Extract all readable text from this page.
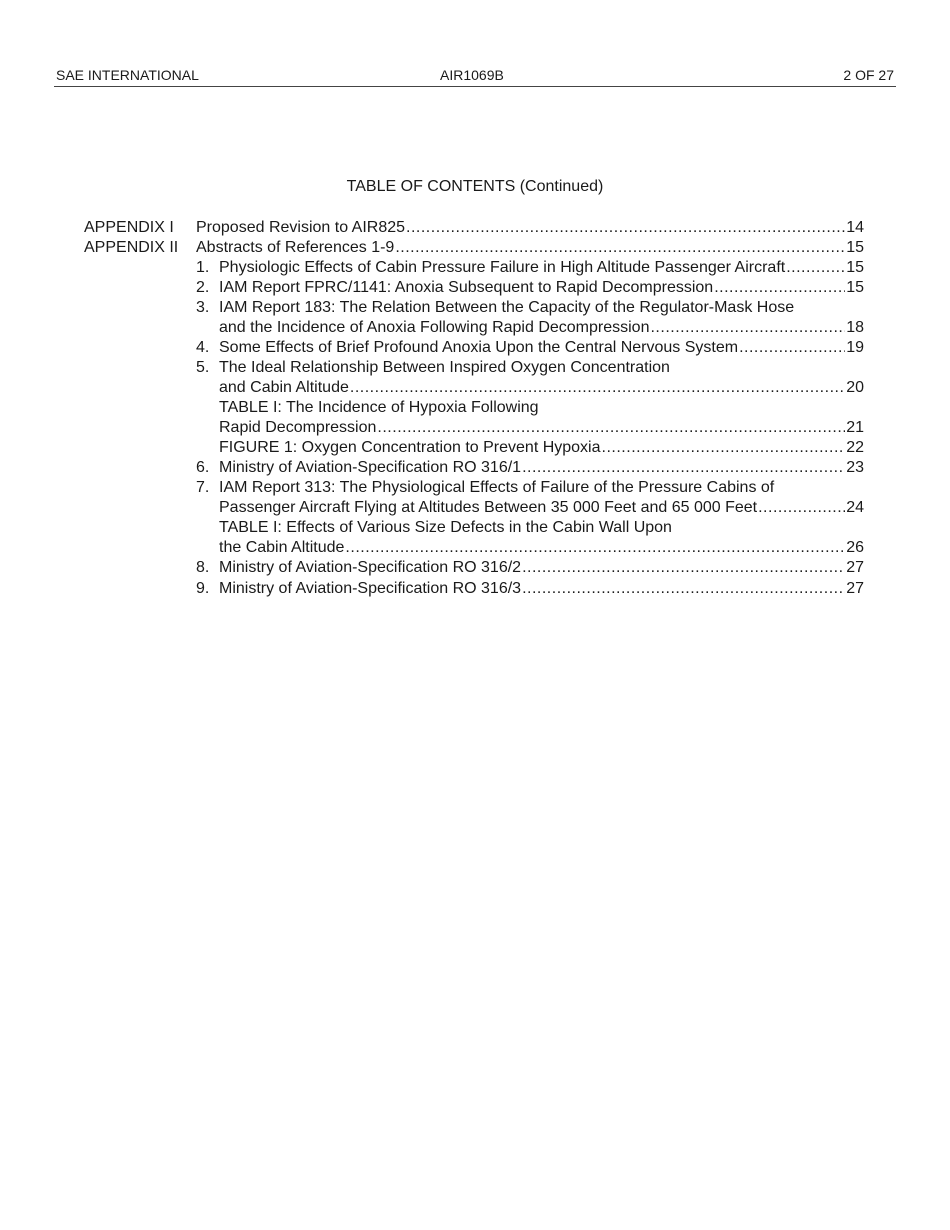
SAE INTERNATIONAL	AIR1069B	2 OF 27
TABLE OF CONTENTS (Continued)
APPENDIX I Proposed Revision to AIR825 .....	14
APPENDIX II Abstracts of References 1-9 .....	15
1. Physiologic Effects of Cabin Pressure Failure in High Altitude Passenger Aircraft .....	15
2. IAM Report FPRC/1141: Anoxia Subsequent to Rapid Decompression .....	15
3. IAM Report 183: The Relation Between the Capacity of the Regulator-Mask Hose
and the Incidence of Anoxia Following Rapid Decompression .....	18
4. Some Effects of Brief Profound Anoxia Upon the Central Nervous System .....	19
5. The Ideal Relationship Between Inspired Oxygen Concentration
and Cabin Altitude .....	20
TABLE I: The Incidence of Hypoxia Following
Rapid Decompression .....	21
FIGURE 1: Oxygen Concentration to Prevent Hypoxia .....	22
6. Ministry of Aviation-Specification RO 316/1 .....	23
7. IAM Report 313: The Physiological Effects of Failure of the Pressure Cabins of
Passenger Aircraft Flying at Altitudes Between 35 000 Feet and 65 000 Feet .....	24
TABLE I: Effects of Various Size Defects in the Cabin Wall Upon
the Cabin Altitude .....	26
8. Ministry of Aviation-Specification RO 316/2 .....	27
9. Ministry of Aviation-Specification RO 316/3 .....	27
